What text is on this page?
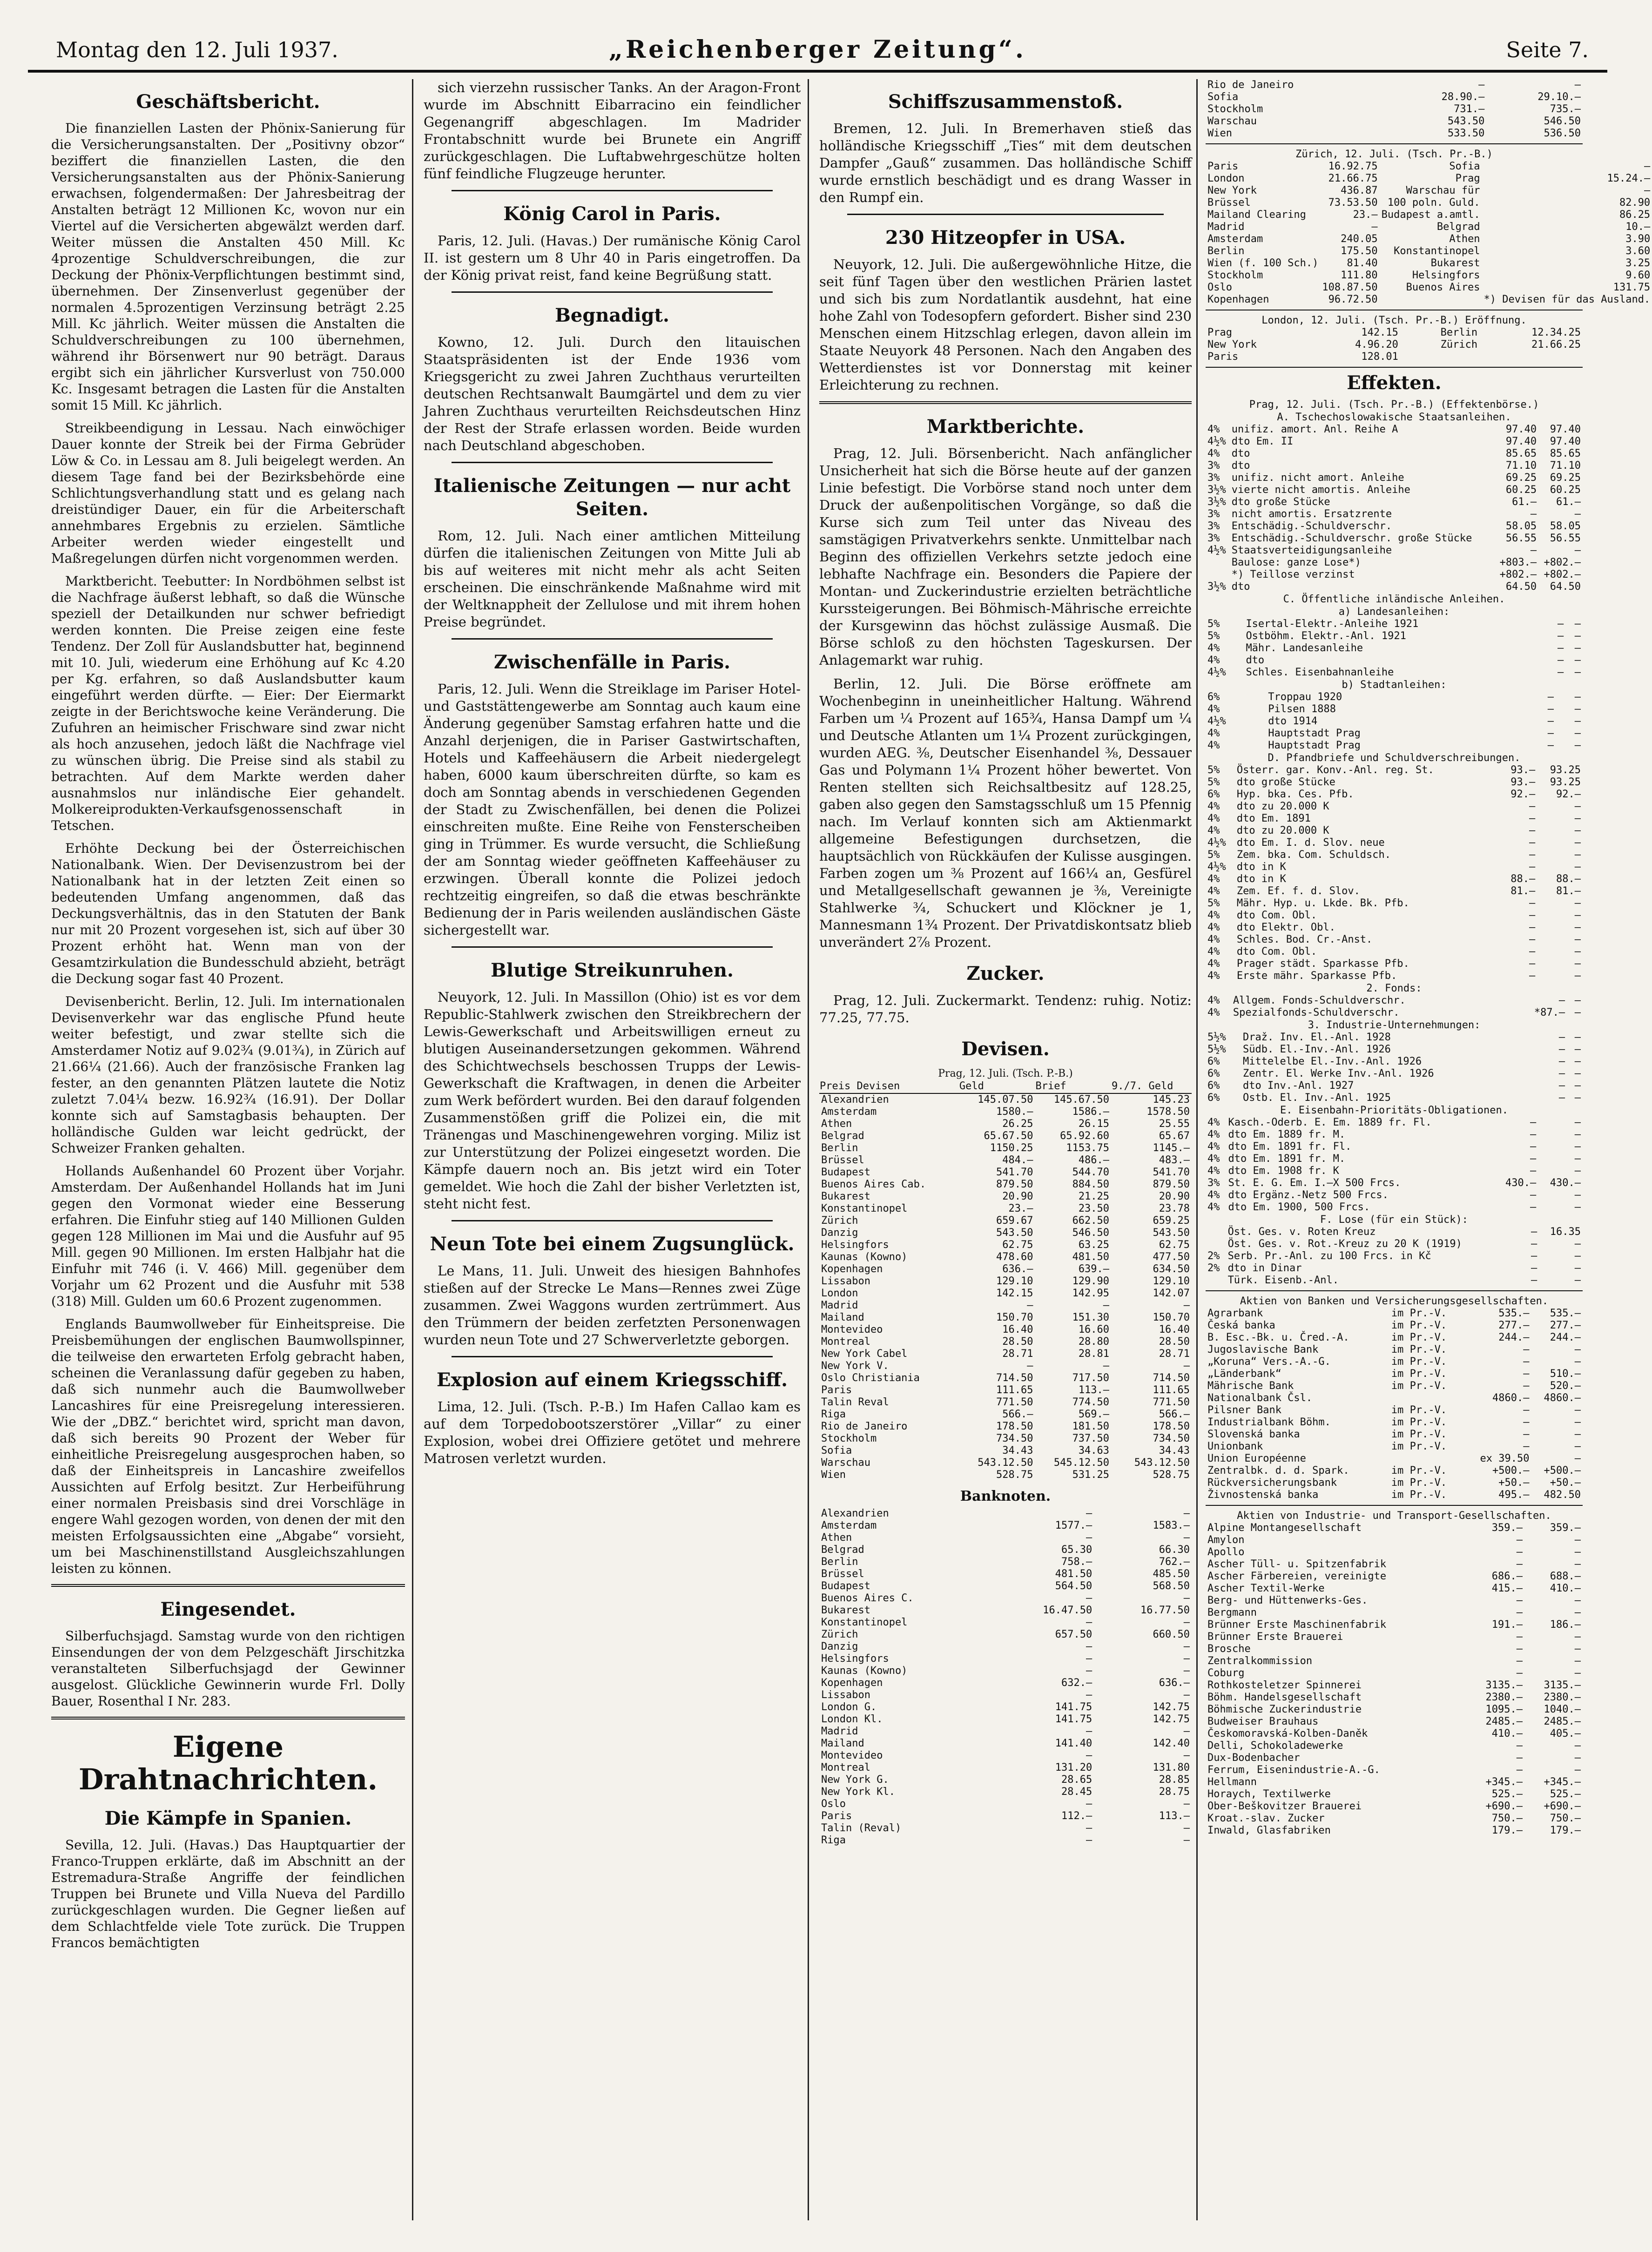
Montag den 12. Juli 1937.	„Reichenberger Zeitung“.	Seite 7.
Geschäftsbericht.

Die finanziellen Lasten der Phönix-Sanierung für die Versicherungsanstalten. Der „Positivny obzor“ beziffert die finanziellen Lasten, die den Versicherungsanstalten aus der Phönix-Sanierung erwachsen, folgendermaßen: Der Jahresbeitrag der Anstalten beträgt 12 Millionen Kc, wovon nur ein Viertel auf die Versicherten abgewälzt werden darf. Weiter müssen die Anstalten 450 Mill. Kc 4prozentige Schuldverschreibungen, die zur Deckung der Phönix-Verpflichtungen bestimmt sind, übernehmen. Der Zinsenverlust gegenüber der normalen 4.5prozentigen Verzinsung beträgt 2.25 Mill. Kc jährlich. Weiter müssen die Anstalten die Schuldverschreibungen zu 100 übernehmen, während ihr Börsenwert nur 90 beträgt. Daraus ergibt sich ein jährlicher Kursverlust von 750.000 Kc. Insgesamt betragen die Lasten für die Anstalten somit 15 Mill. Kc jährlich.

Streikbeendigung in Lessau. Nach einwöchiger Dauer konnte der Streik bei der Firma Gebrüder Löw & Co. in Lessau am 8. Juli beigelegt werden. An diesem Tage fand bei der Bezirksbehörde eine Schlichtungsverhandlung statt und es gelang nach dreistündiger Dauer, ein für die Arbeiterschaft annehmbares Ergebnis zu erzielen. Sämtliche Arbeiter werden wieder eingestellt und Maßregelungen dürfen nicht vorgenommen werden.

Marktbericht. Teebutter: In Nordböhmen selbst ist die Nachfrage äußerst lebhaft, so daß die Wünsche speziell der Detailkunden nur schwer befriedigt werden konnten. Die Preise zeigen eine feste Tendenz. Der Zoll für Auslandsbutter hat, beginnend mit 10. Juli, wiederum eine Erhöhung auf Kc 4.20 per Kg. erfahren, so daß Auslandsbutter kaum eingeführt werden dürfte. — Eier: Der Eiermarkt zeigte in der Berichtswoche keine Veränderung. Die Zufuhren an heimischer Frischware sind zwar nicht als hoch anzusehen, jedoch läßt die Nachfrage viel zu wünschen übrig. Die Preise sind als stabil zu betrachten. Auf dem Markte werden daher ausnahmslos nur inländische Eier gehandelt. Molkereiprodukten-Verkaufsgenossenschaft in Tetschen.

Erhöhte Deckung bei der Österreichischen Nationalbank. Wien. Der Devisenzustrom bei der Nationalbank hat in der letzten Zeit einen so bedeutenden Umfang angenommen, daß das Deckungsverhältnis, das in den Statuten der Bank nur mit 20 Prozent vorgesehen ist, sich auf über 30 Prozent erhöht hat. Wenn man von der Gesamtzirkulation die Bundesschuld abzieht, beträgt die Deckung sogar fast 40 Prozent.

Devisenbericht. Berlin, 12. Juli. Im internationalen Devisenverkehr war das englische Pfund heute weiter befestigt, und zwar stellte sich die Amsterdamer Notiz auf 9.02¾ (9.01¾), in Zürich auf 21.66¼ (21.66). Auch der französische Franken lag fester, an den genannten Plätzen lautete die Notiz zuletzt 7.04¼ bezw. 16.92¾ (16.91). Der Dollar konnte sich auf Samstagbasis behaupten. Der holländische Gulden war leicht gedrückt, der Schweizer Franken gehalten.

Hollands Außenhandel 60 Prozent über Vorjahr. Amsterdam. Der Außenhandel Hollands hat im Juni gegen den Vormonat wieder eine Besserung erfahren. Die Einfuhr stieg auf 140 Millionen Gulden gegen 128 Millionen im Mai und die Ausfuhr auf 95 Mill. gegen 90 Millionen. Im ersten Halbjahr hat die Einfuhr mit 746 (i. V. 466) Mill. gegenüber dem Vorjahr um 62 Prozent und die Ausfuhr mit 538 (318) Mill. Gulden um 60.6 Prozent zugenommen.

Englands Baumwollweber für Einheitspreise. Die Preisbemühungen der englischen Baumwollspinner, die teilweise den erwarteten Erfolg gebracht haben, scheinen die Veranlassung dafür gegeben zu haben, daß sich nunmehr auch die Baumwollweber Lancashires für eine Preisregelung interessieren. Wie der „DBZ.“ berichtet wird, spricht man davon, daß sich bereits 90 Prozent der Weber für einheitliche Preisregelung ausgesprochen haben, so daß der Einheitspreis in Lancashire zweifellos Aussichten auf Erfolg besitzt. Zur Herbeiführung einer normalen Preisbasis sind drei Vorschläge in engere Wahl gezogen worden, von denen der mit den meisten Erfolgsaussichten eine „Abgabe“ vorsieht, um bei Maschinenstillstand Ausgleichszahlungen leisten zu können.

Eingesendet.

Silberfuchsjagd. Samstag wurde von den richtigen Einsendungen der von dem Pelzgeschäft Jirschitzka veranstalteten Silberfuchsjagd der Gewinner ausgelost. Glückliche Gewinnerin wurde Frl. Dolly Bauer, Rosenthal I Nr. 283.

Eigene Drahtnachrichten.
Die Kämpfe in Spanien.

Sevilla, 12. Juli. (Havas.) Das Hauptquartier der Franco-Truppen erklärte, daß im Abschnitt an der Estremadura-Straße Angriffe der feindlichen Truppen bei Brunete und Villa Nueva del Pardillo zurückgeschlagen wurden. Die Gegner ließen auf dem Schlachtfelde viele Tote zurück. Die Truppen Francos bemächtigten

sich vierzehn russischer Tanks. An der Aragon-Front wurde im Abschnitt Eibarracino ein feindlicher Gegenangriff abgeschlagen. Im Madrider Frontabschnitt wurde bei Brunete ein Angriff zurückgeschlagen. Die Luftabwehrgeschütze holten fünf feindliche Flugzeuge herunter.

König Carol in Paris.

Paris, 12. Juli. (Havas.) Der rumänische König Carol II. ist gestern um 8 Uhr 40 in Paris eingetroffen. Da der König privat reist, fand keine Begrüßung statt.

Begnadigt.

Kowno, 12. Juli. Durch den litauischen Staatspräsidenten ist der Ende 1936 vom Kriegsgericht zu zwei Jahren Zuchthaus verurteilten deutschen Rechtsanwalt Baumgärtel und dem zu vier Jahren Zuchthaus verurteilten Reichsdeutschen Hinz der Rest der Strafe erlassen worden. Beide wurden nach Deutschland abgeschoben.

Italienische Zeitungen — nur acht Seiten.

Rom, 12. Juli. Nach einer amtlichen Mitteilung dürfen die italienischen Zeitungen von Mitte Juli ab bis auf weiteres mit nicht mehr als acht Seiten erscheinen. Die einschränkende Maßnahme wird mit der Weltknappheit der Zellulose und mit ihrem hohen Preise begründet.

Zwischenfälle in Paris.

Paris, 12. Juli. Wenn die Streiklage im Pariser Hotel- und Gaststättengewerbe am Sonntag auch kaum eine Änderung gegenüber Samstag erfahren hatte und die Anzahl derjenigen, die in Pariser Gastwirtschaften, Hotels und Kaffeehäusern die Arbeit niedergelegt haben, 6000 kaum überschreiten dürfte, so kam es doch am Sonntag abends in verschiedenen Gegenden der Stadt zu Zwischenfällen, bei denen die Polizei einschreiten mußte. Eine Reihe von Fensterscheiben ging in Trümmer. Es wurde versucht, die Schließung der am Sonntag wieder geöffneten Kaffeehäuser zu erzwingen. Überall konnte die Polizei jedoch rechtzeitig eingreifen, so daß die etwas beschränkte Bedienung der in Paris weilenden ausländischen Gäste sichergestellt war.

Blutige Streikunruhen.

Neuyork, 12. Juli. In Massillon (Ohio) ist es vor dem Republic-Stahlwerk zwischen den Streikbrechern der Lewis-Gewerkschaft und Arbeitswilligen erneut zu blutigen Auseinandersetzungen gekommen. Während des Schichtwechsels beschossen Trupps der Lewis-Gewerkschaft die Kraftwagen, in denen die Arbeiter zum Werk befördert wurden. Bei den darauf folgenden Zusammenstößen griff die Polizei ein, die mit Tränengas und Maschinengewehren vorging. Miliz ist zur Unterstützung der Polizei eingesetzt worden. Die Kämpfe dauern noch an. Bis jetzt wird ein Toter gemeldet. Wie hoch die Zahl der bisher Verletzten ist, steht nicht fest.

Neun Tote bei einem Zugsunglück.

Le Mans, 11. Juli. Unweit des hiesigen Bahnhofes stießen auf der Strecke Le Mans—Rennes zwei Züge zusammen. Zwei Waggons wurden zertrümmert. Aus den Trümmern der beiden zerfetzten Personenwagen wurden neun Tote und 27 Schwerverletzte geborgen.

Explosion auf einem Kriegsschiff.

Lima, 12. Juli. (Tsch. P.-B.) Im Hafen Callao kam es auf dem Torpedobootszerstörer „Villar“ zu einer Explosion, wobei drei Offiziere getötet und mehrere Matrosen verletzt wurden.

Schiffszusammenstoß.

Bremen, 12. Juli. In Bremerhaven stieß das holländische Kriegsschiff „Ties“ mit dem deutschen Dampfer „Gauß“ zusammen. Das holländische Schiff wurde ernstlich beschädigt und es drang Wasser in den Rumpf ein.

230 Hitzeopfer in USA.

Neuyork, 12. Juli. Die außergewöhnliche Hitze, die seit fünf Tagen über den westlichen Prärien lastet und sich bis zum Nordatlantik ausdehnt, hat eine hohe Zahl von Todesopfern gefordert. Bisher sind 230 Menschen einem Hitzschlag erlegen, davon allein im Staate Neuyork 48 Personen. Nach den Angaben des Wetterdienstes ist vor Donnerstag mit keiner Erleichterung zu rechnen.

Marktberichte.

Prag, 12. Juli. Börsenbericht. Nach anfänglicher Unsicherheit hat sich die Börse heute auf der ganzen Linie befestigt. Die Vorbörse stand noch unter dem Druck der außenpolitischen Vorgänge, so daß die Kurse sich zum Teil unter das Niveau des samstägigen Privatverkehrs senkte. Unmittelbar nach Beginn des offiziellen Verkehrs setzte jedoch eine lebhafte Nachfrage ein. Besonders die Papiere der Montan- und Zuckerindustrie erzielten beträchtliche Kurssteigerungen. Bei Böhmisch-Mährische erreichte der Kursgewinn das höchst zulässige Ausmaß. Die Börse schloß zu den höchsten Tageskursen. Der Anlagemarkt war ruhig.

Berlin, 12. Juli. Die Börse eröffnete am Wochenbeginn in uneinheitlicher Haltung. Während Farben um ¼ Prozent auf 165¾, Hansa Dampf um ¼ und Deutsche Atlanten um 1¼ Prozent zurückgingen, wurden AEG. ⅜, Deutscher Eisenhandel ⅜, Dessauer Gas und Polymann 1¼ Prozent höher bewertet. Von Renten stellten sich Reichsaltbesitz auf 128.25, gaben also gegen den Samstagsschluß um 15 Pfennig nach. Im Verlauf konnten sich am Aktienmarkt allgemeine Befestigungen durchsetzen, die hauptsächlich von Rückkäufen der Kulisse ausgingen. Farben zogen um ⅜ Prozent auf 166¼ an, Gesfürel und Metallgesellschaft gewannen je ⅜, Vereinigte Stahlwerke ¾, Schuckert und Klöckner je 1, Mannesmann 1¾ Prozent. Der Privatdiskontsatz blieb unverändert 2⅞ Prozent.

Zucker.

Prag, 12. Juli. Zuckermarkt. Tendenz: ruhig. Notiz: 77.25, 77.75.

Devisen.
Prag, 12. Juli. (Tsch. P.-B.)
Preis Devisen	Geld	Brief	9./7. Geld
Alexandrien	145.07.50	145.67.50	145.23
Amsterdam	1580.—	1586.—	1578.50
Athen	26.25	26.15	25.55
Belgrad	65.67.50	65.92.60	65.67
Berlin	1150.25	1153.75	1145.—
Brüssel	484.—	486.—	483.—
Budapest	541.70	544.70	541.70
Buenos Aires Cab.	879.50	884.50	879.50
Bukarest	20.90	21.25	20.90
Konstantinopel	23.—	23.50	23.78
Zürich	659.67	662.50	659.25
Danzig	543.50	546.50	543.50
Helsingfors	62.75	63.25	62.75
Kaunas (Kowno)	478.60	481.50	477.50
Kopenhagen	636.—	639.—	634.50
Lissabon	129.10	129.90	129.10
London	142.15	142.95	142.07
Madrid	—	—	—
Mailand	150.70	151.30	150.70
Montevideo	16.40	16.60	16.40
Montreal	28.50	28.80	28.50
New York Cabel	28.71	28.81	28.71
New York V.	—	—	—
Oslo Christiania	714.50	717.50	714.50
Paris	111.65	113.—	111.65
Talin Reval	771.50	774.50	771.50
Riga	566.—	569.—	566.—
Rio de Janeiro	178.50	181.50	178.50
Stockholm	734.50	737.50	734.50
Sofia	34.43	34.63	34.43
Warschau	543.12.50	545.12.50	543.12.50
Wien	528.75	531.25	528.75
Banknoten.
Alexandrien	—	—
Amsterdam	1577.—	1583.—
Athen	—	—
Belgrad	65.30	66.30
Berlin	758.—	762.—
Brüssel	481.50	485.50
Budapest	564.50	568.50
Buenos Aires C.	—	—
Bukarest	16.47.50	16.77.50
Konstantinopel	—	—
Zürich	657.50	660.50
Danzig	—	—
Helsingfors	—	—
Kaunas (Kowno)	—	—
Kopenhagen	632.—	636.—
Lissabon	—	—
London G.	141.75	142.75
London Kl.	141.75	142.75
Madrid	—	—
Mailand	141.40	142.40
Montevideo	—	—
Montreal	131.20	131.80
New York G.	28.65	28.85
New York Kl.	28.45	28.75
Oslo	—	—
Paris	112.—	113.—
Talin (Reval)	—	—
Riga	—	—
Rio de Janeiro	—	—
Sofia	28.90.—	29.10.—
Stockholm	731.—	735.—
Warschau	543.50	546.50
Wien	533.50	536.50
Zürich, 12. Juli. (Tsch. Pr.-B.)
Paris	16.92.75	Sofia	—
London	21.66.75	Prag	15.24.—
New York	436.87	Warschau für	—
Brüssel	73.53.50	100 poln. Guld.	82.90
Mailand Clearing	23.—	Budapest a.amtl.	86.25
Madrid	—	Belgrad	10.—
Amsterdam	240.05	Athen	3.90
Berlin	175.50	Konstantinopel	3.60
Wien (f. 100 Sch.)	81.40	Bukarest	3.25
Stockholm	111.80	Helsingfors	9.60
Oslo	108.87.50	Buenos Aires	131.75
Kopenhagen	96.72.50		*) Devisen für das Ausland.
London, 12. Juli. (Tsch. Pr.-B.) Eröffnung.
Prag	142.15	Berlin	12.34.25
New York	4.96.20	Zürich	21.66.25
Paris	128.01		
Effekten.
Prag, 12. Juli. (Tsch. Pr.-B.) (Effektenbörse.)
A. Tschechoslowakische Staatsanleihen.
4%	unifiz. amort. Anl. Reihe A	97.40	97.40
4½%	dto Em. II	97.40	97.40
4%	dto	85.65	85.65
3%	dto	71.10	71.10
3%	unifiz. nicht amort. Anleihe	69.25	69.25
3½%	vierte nicht amortis. Anleihe	60.25	60.25
3½%	dto große Stücke	61.—	61.—
3%	nicht amortis. Ersatzrente	—	—
3%	Entschädig.-Schuldverschr.	58.05	58.05
3%	Entschädig.-Schuldverschr. große Stücke	56.55	56.55
4½%	Staatsverteidigungsanleihe	—	—
	Baulose: ganze Lose*)	+803.—	+802.—
	*) Teillose verzinst	+802.—	+802.—
3½%	dto	64.50	64.50
C. Öffentliche inländische Anleihen.
a) Landesanleihen:
5%	Isertal-Elektr.-Anleihe 1921	—	—
5%	Ostböhm. Elektr.-Anl. 1921	—	—
4%	Mähr. Landesanleihe	—	—
4%	dto	—	—
4½%	Schles. Eisenbahnanleihe	—	—
b) Stadtanleihen:
6%	Troppau 1920	—	—
4%	Pilsen 1888	—	—
4½%	dto 1914	—	—
4%	Hauptstadt Prag	—	—
4%	Hauptstadt Prag	—	—
D. Pfandbriefe und Schuldverschreibungen.
5%	Österr. gar. Konv.-Anl. reg. St.	93.—	93.25
5%	dto große Stücke	93.—	93.25
6%	Hyp. bka. Ces. Pfb.	92.—	92.—
4%	dto zu 20.000 K	—	—
4%	dto Em. 1891	—	—
4%	dto zu 20.000 K	—	—
4½%	dto Em. I. d. Slov. neue	—	—
5%	Zem. bka. Com. Schuldsch.	—	—
4½%	dto in K	—	—
4%	dto in K	88.—	88.—
4%	Zem. Ef. f. d. Slov.	81.—	81.—
5%	Mähr. Hyp. u. Lkde. Bk. Pfb.	—	—
4%	dto Com. Obl.	—	—
4%	dto Elektr. Obl.	—	—
4%	Schles. Bod. Cr.-Anst.	—	—
4%	dto Com. Obl.	—	—
4%	Prager städt. Sparkasse Pfb.	—	—
4%	Erste mähr. Sparkasse Pfb.	—	—
2. Fonds:
4%	Allgem. Fonds-Schuldverschr.	—	—
4%	Spezialfonds-Schuldverschr.	*87.—	—
3. Industrie-Unternehmungen:
5½%	Draž. Inv. El.-Anl. 1928	—	—
5½%	Südb. El.-Inv.-Anl. 1926	—	—
6%	Mittelelbe El.-Inv.-Anl. 1926	—	—
6%	Zentr. El. Werke Inv.-Anl. 1926	—	—
6%	dto Inv.-Anl. 1927	—	—
6%	Ostb. El. Inv.-Anl. 1925	—	—
E. Eisenbahn-Prioritäts-Obligationen.
4%	Kasch.-Oderb. E. Em. 1889 fr. Fl.	—	—
4%	dto Em. 1889 fr. M.	—	—
4%	dto Em. 1891 fr. Fl.	—	—
4%	dto Em. 1891 fr. M.	—	—
4%	dto Em. 1908 fr. K	—	—
3%	St. E. G. Em. I.—X 500 Frcs.	430.—	430.—
4%	dto Ergänz.-Netz 500 Frcs.	—	—
4%	dto Em. 1900, 500 Frcs.	—	—
F. Lose (für ein Stück):
	Öst. Ges. v. Roten Kreuz	—	16.35
	Öst. Ges. v. Rot.-Kreuz zu 20 K (1919)	—	—
2%	Serb. Pr.-Anl. zu 100 Frcs. in Kč	—	—
2%	dto in Dinar	—	—
	Türk. Eisenb.-Anl.	—	—
Aktien von Banken und Versicherungsgesellschaften.
Agrarbank	im Pr.-V.	535.—	535.—
Česká banka	im Pr.-V.	277.—	277.—
B. Esc.-Bk. u. Čred.-A.	im Pr.-V.	244.—	244.—
Jugoslavische Bank	im Pr.-V.	—	—
„Koruna“ Vers.-A.-G.	im Pr.-V.	—	—
„Länderbank“	im Pr.-V.	—	510.—
Mährische Bank	im Pr.-V.	—	520.—
Nationalbank Čsl.		4860.—	4860.—
Pilsner Bank	im Pr.-V.	—	—
Industrialbank Böhm.	im Pr.-V.	—	—
Slovenská banka	im Pr.-V.	—	—
Unionbank	im Pr.-V.	—	—
Union Européenne		ex 39.50	—
Zentralbk. d. d. Spark.	im Pr.-V.	+500.—	+500.—
Rückversicherungsbank	im Pr.-V.	+50.—	+50.—
Živnostenská banka	im Pr.-V.	495.—	482.50
Aktien von Industrie- und Transport-Gesellschaften.
Alpine Montangesellschaft	359.—	359.—
Amylon	—	—
Apollo	—	—
Ascher Tüll- u. Spitzenfabrik	—	—
Ascher Färbereien, vereinigte	686.—	688.—
Ascher Textil-Werke	415.—	410.—
Berg- und Hüttenwerks-Ges.	—	—
Bergmann	—	—
Brünner Erste Maschinenfabrik	191.—	186.—
Brünner Erste Brauerei	—	—
Brosche	—	—
Zentralkommission	—	—
Coburg	—	—
Rothkosteletzer Spinnerei	3135.—	3135.—
Böhm. Handelsgesellschaft	2380.—	2380.—
Böhmische Zuckerindustrie	1095.—	1040.—
Budweiser Brauhaus	2485.—	2485.—
Českomoravská-Kolben-Daněk	410.—	405.—
Delli, Schokoladewerke	—	—
Dux-Bodenbacher	—	—
Ferrum, Eisenindustrie-A.-G.	—	—
Hellmann	+345.—	+345.—
Horaych, Textilwerke	525.—	525.—
Ober-Beškovitzer Brauerei	+690.—	+690.—
Kroat.-slav. Zucker	750.—	750.—
Inwald, Glasfabriken	179.—	179.—
